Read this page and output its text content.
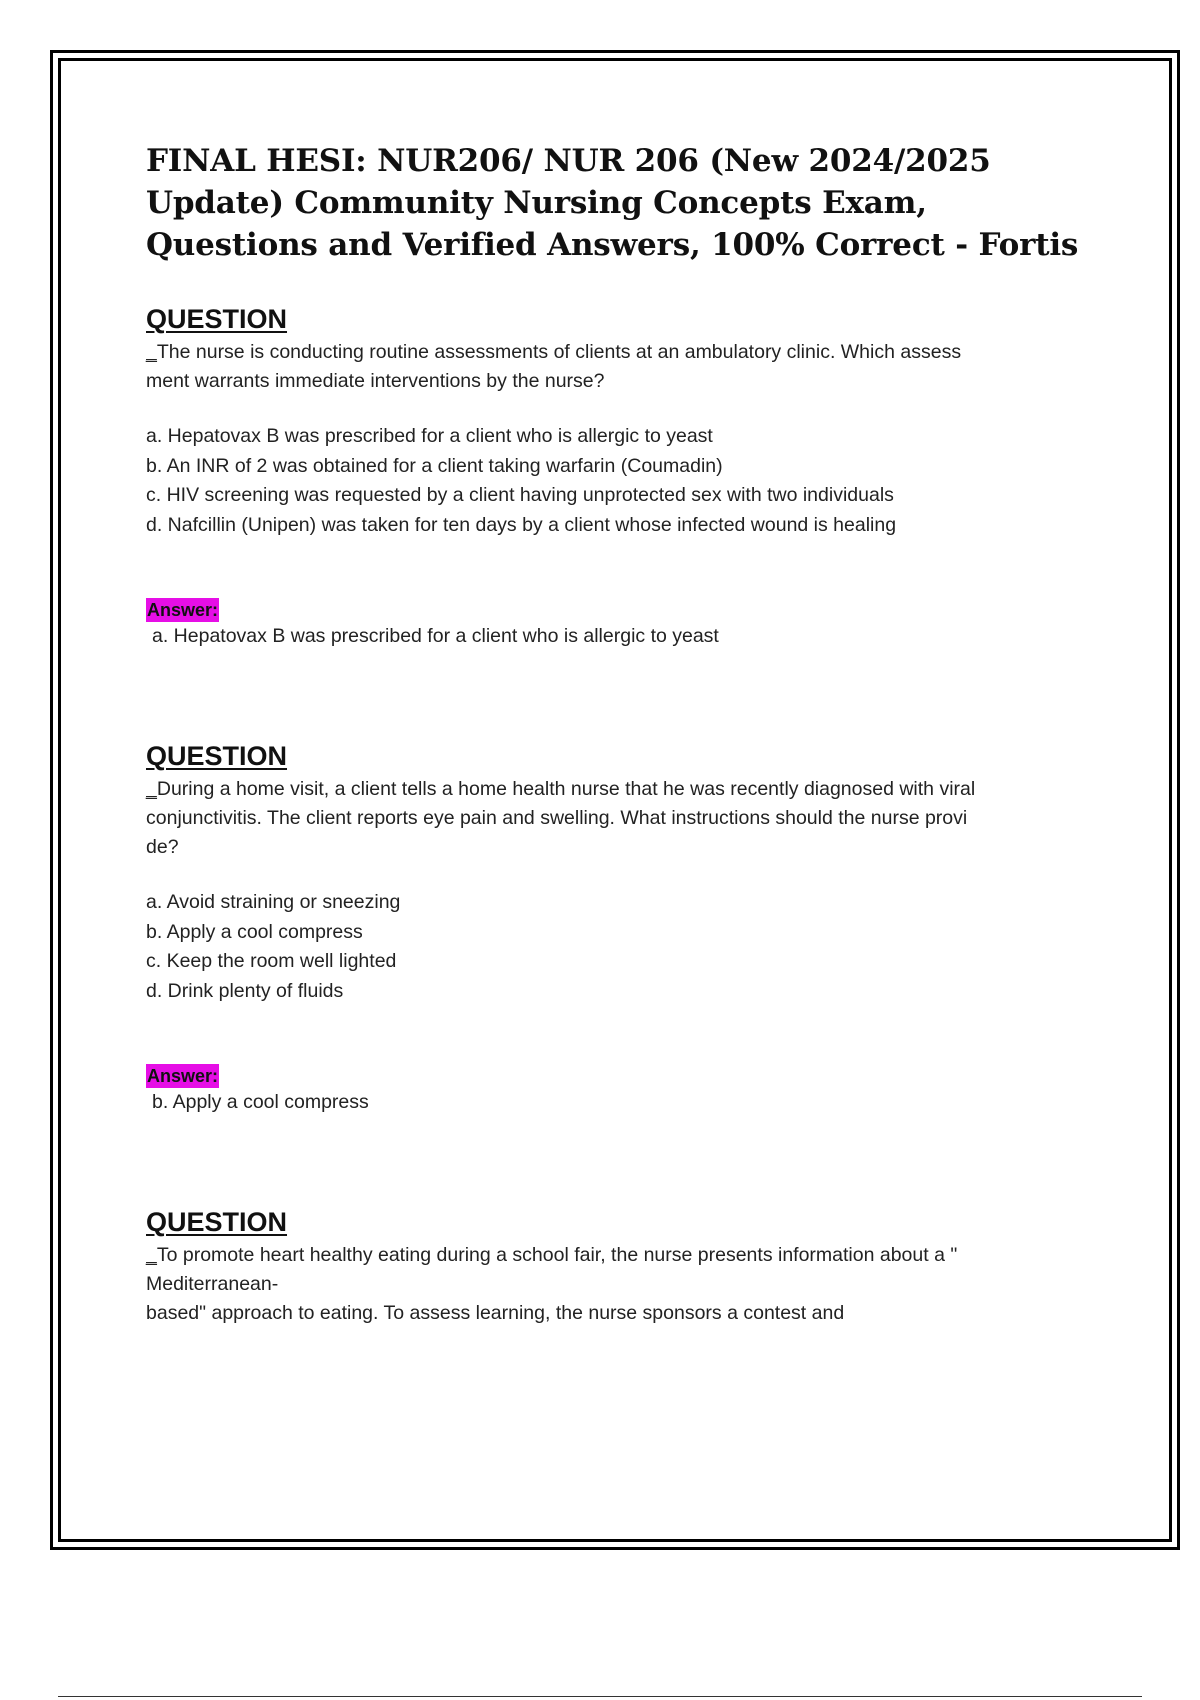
FINAL HESI: NUR206/ NUR 206 (New 2024/2025 Update) Community Nursing Concepts Exam, Questions and Verified Answers, 100% Correct - Fortis
QUESTION
_The nurse is conducting routine assessments of clients at an ambulatory clinic. Which assess
ment warrants immediate interventions by the nurse?
a. Hepatovax B was prescribed for a client who is allergic to yeast
b. An INR of 2 was obtained for a client taking warfarin (Coumadin)
c. HIV screening was requested by a client having unprotected sex with two individuals
d. Nafcillin (Unipen) was taken for ten days by a client whose infected wound is healing
Answer:
a. Hepatovax B was prescribed for a client who is allergic to yeast
QUESTION
_During a home visit, a client tells a home health nurse that he was recently diagnosed with viral
conjunctivitis. The client reports eye pain and swelling. What instructions should the nurse provi
de?
a. Avoid straining or sneezing
b. Apply a cool compress
c. Keep the room well lighted
d. Drink plenty of fluids
Answer:
b. Apply a cool compress
QUESTION
_To promote heart healthy eating during a school fair, the nurse presents information about a "
Mediterranean-
based" approach to eating. To assess learning, the nurse sponsors a contest and
